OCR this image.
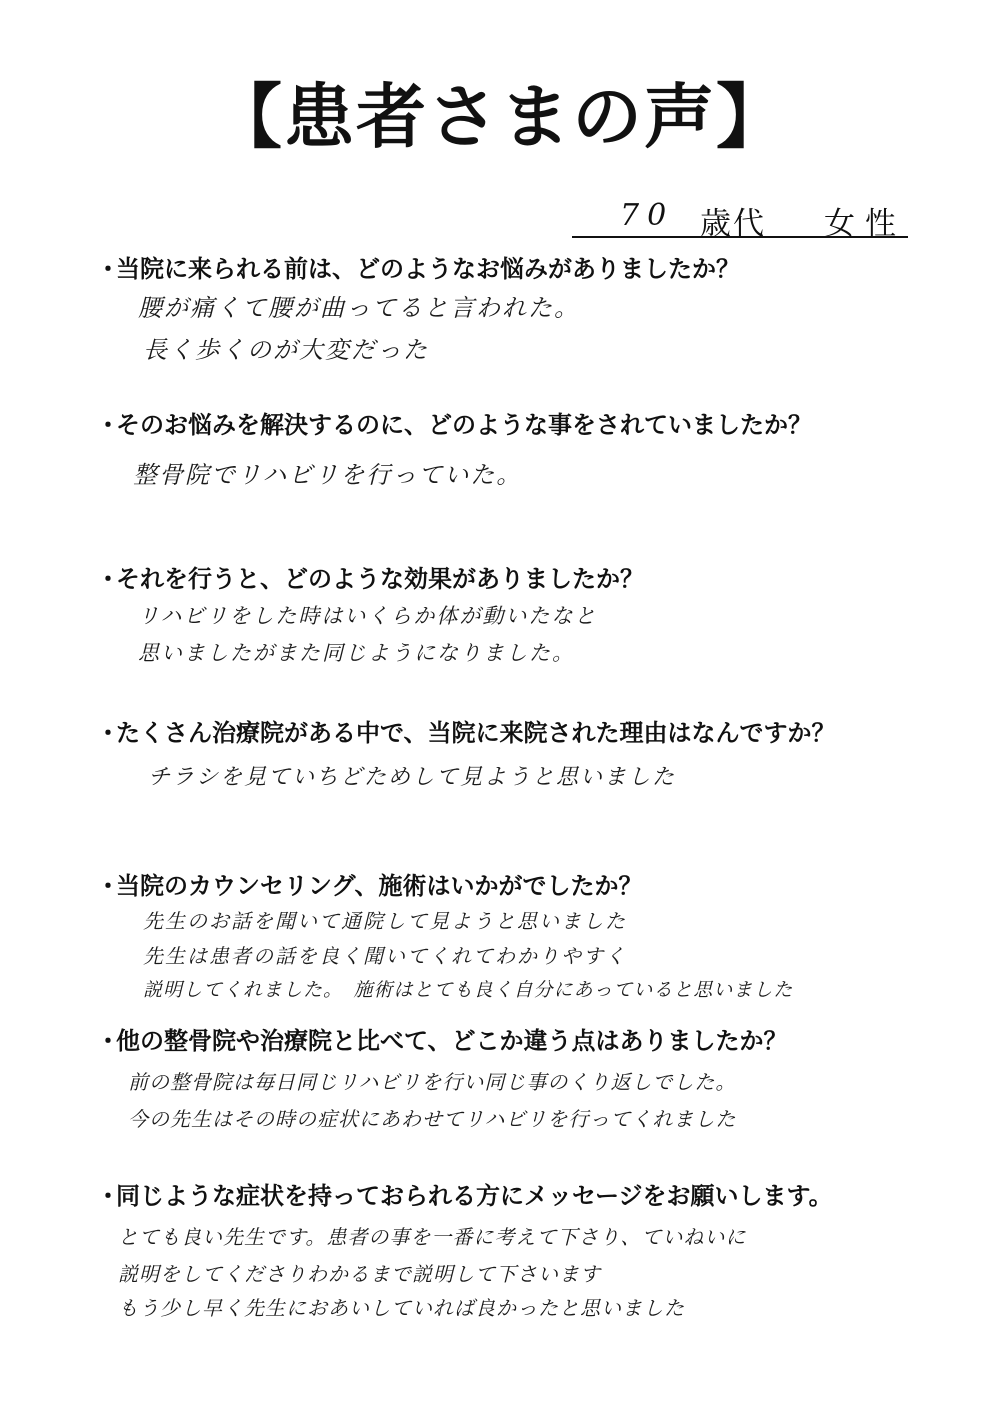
【患者さまの声】
70 歳代 女性
・当院に来られる前は、どのようなお悩みがありましたか？
腰が痛くて腰が曲ってると言われた。
長く歩くのが大変だった
・そのお悩みを解決するのに、どのような事をされていましたか？
整骨院でリハビリを行っていた。
・それを行うと、どのような効果がありましたか？
リハビリをした時はいくらか体が動いたなと
思いましたがまた同じようになりました。
・たくさん治療院がある中で、当院に来院された理由はなんですか？
チラシを見ていちどためして見ようと思いました
・当院のカウンセリング、施術はいかがでしたか？
先生のお話を聞いて通院して見ようと思いました
先生は患者の話を良く聞いてくれてわかりやすく
説明してくれました。　施術はとても良く自分にあっていると思いました
・他の整骨院や治療院と比べて、どこか違う点はありましたか？
前の整骨院は毎日同じリハビリを行い同じ事のくり返しでした。
今の先生はその時の症状にあわせてリハビリを行ってくれました
・同じような症状を持っておられる方にメッセージをお願いします。
とても良い先生です。患者の事を一番に考えて下さり、ていねいに
説明をしてくださりわかるまで説明して下さいます
もう少し早く先生におあいしていれば良かったと思いました
